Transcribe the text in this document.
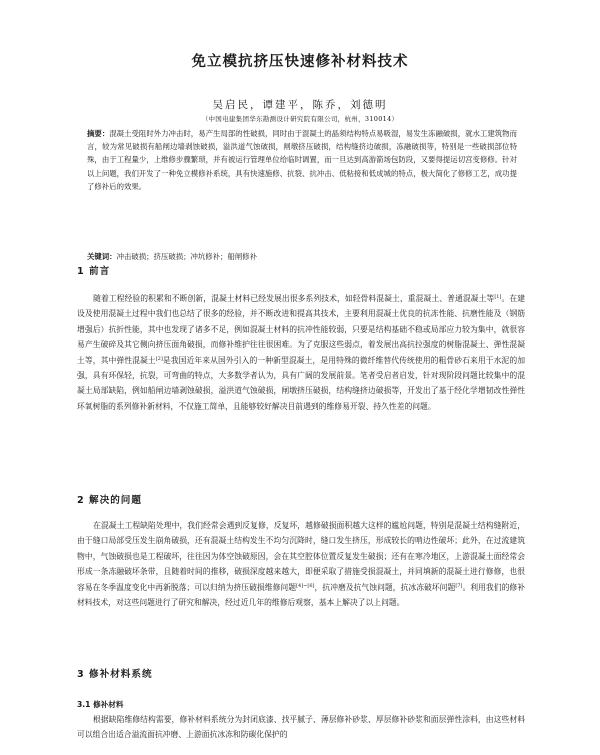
免立模抗挤压快速修补材料技术
吴启民，谭建平，陈乔，刘德明
（中国电建集团华东勘测设计研究院有限公司，杭州，310014）
摘要：混凝土受阻时外力冲击时，易产生局部的性破损，同时由于混凝土的晶须结构特点易吸湿，易发生冻融破损，就水工建筑物而言，较为常见破损有船闸边墙剥蚀破损，溢洪道气蚀破损，闸墩挤压破损，结构缝挤边破损，冻融破损等，特别是一些破损部位特殊，由于工程量少，上维修步骤繁琐，并有被运行管理单位给临时调置，而一旦达到高游箭场包防段，又要得提运切宫变修修。针对以上问题，我们开发了一种免立模修补系统，具有快速施修、抗裂、抗冲击、低粘接和低成城的特点，极大简化了修修工艺，成功提了修补后的效果。
关键词：冲击破损；挤压破损；冲坑修补；船闸修补
1 前言
随着工程经验的积累和不断创新，混凝土材料已经发展出很多系列技术，如轻骨料混凝土、重混凝土、普通混凝土等[1]。在建设及使用混凝土过程中我们也总结了很多的经验，并不断改进和提高其技术，主要利用混凝土优良的抗冻性能、抗磨性能及（钢筋增强后）抗折性能，其中也发现了诸多不足，例如混凝土材料的抗冲性能较弱，只要是结构基础不稳或局部应力较为集中，就很容易产生破碎及其它侧向挤压面角破损，而修补维护往往很困难。为了克服这些弱点，着发展出高抗拉强度的树脂混凝土、弹性混凝土等，其中弹性混凝土[2]是我国近年来从国外引入的一种新型混凝土，是用特殊的微纤维替代传统使用的粗骨砂石来用于水泥的加强，具有环保轻，抗裂，可弯曲的特点，大多数学者认为，具有广阔的发展前景。笔者受启者启发，针对现阶段问题比较集中的混凝土局部缺陷，例如船闸边墙剥蚀破损，溢洪道气蚀破损，闸墩挤压破损，结构缝挤边破损等，开发出了基于经化学增韧改性弹性环氧树脂的系列修补新材料，不仅施工简单，且能够较好解决目前遇到的维修易开裂、持久性差的问题。
2 解决的问题
在混凝土工程缺陷处理中，我们经常会遇到反复修，反复坏，越修破损面积越大这样的尴尬问题，特别是混凝土结构缝附近，由于缝口局部受压发生崩角破损，还有混凝土结构发生不均匀沉降时，缝口发生挤压，形成较长的啃边性破坏；此外，在过流建筑物中，气蚀破损也是工程破坏，往往因为体空蚀破原因，会在其空腔体位置反复发生破损；还有在寒冷地区，上游混凝土面经常会形成一条冻融破坏条带，且随着时间的推移，破损深度越来越大，即便采取了措施受损混凝土，并同填新的混凝土进行修修，也很容易在冬季温度变化中再新脱落；可以归纳为挤压破损维修问题[4]~[6]，抗冲磨及抗气蚀问题，抗冰冻破坏问题[7]。利用我们的修补材料技术，对这些问题进行了研究和解决，经过近几年的维修后观察，基本上解决了以上问题。
3 修补材料系统
3.1 修补材料
根据缺陷维修结构需要，修补材料系统分为封闭底漆、找平腻子、薄层修补砂浆、厚层修补砂浆和面层弹性涂料，由这些材料可以组合出适合溢流面抗冲磨、上游面抗冰冻和防碳化保护的
